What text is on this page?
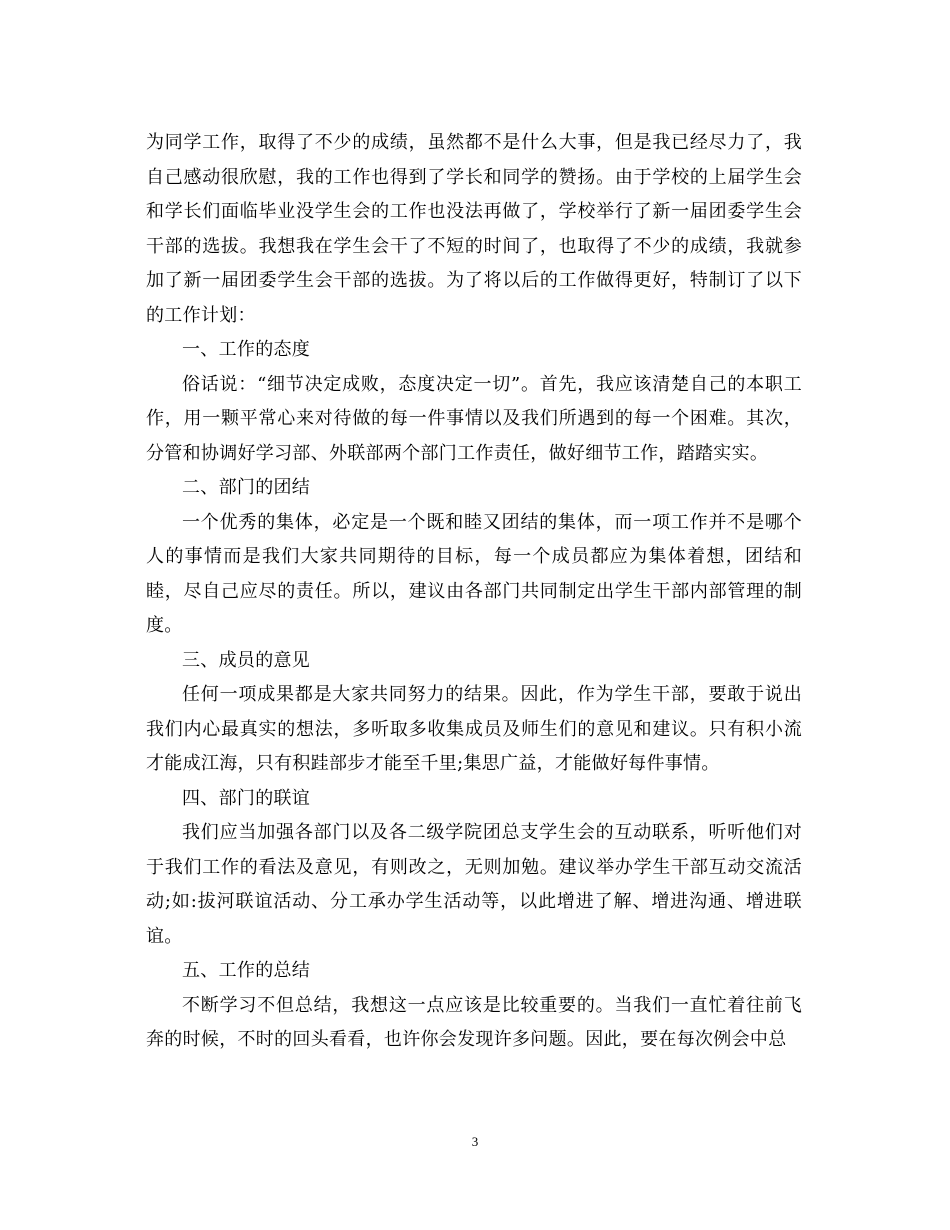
为同学工作，取得了不少的成绩，虽然都不是什么大事，但是我已经尽力了，我自己感动很欣慰，我的工作也得到了学长和同学的赞扬。由于学校的上届学生会和学长们面临毕业没学生会的工作也没法再做了，学校举行了新一届团委学生会干部的选拔。我想我在学生会干了不短的时间了，也取得了不少的成绩，我就参加了新一届团委学生会干部的选拔。为了将以后的工作做得更好，特制订了以下的工作计划：

一、工作的态度

俗话说：“细节决定成败，态度决定一切”。首先，我应该清楚自己的本职工作，用一颗平常心来对待做的每一件事情以及我们所遇到的每一个困难。其次，分管和协调好学习部、外联部两个部门工作责任，做好细节工作，踏踏实实。

二、部门的团结

一个优秀的集体，必定是一个既和睦又团结的集体，而一项工作并不是哪个人的事情而是我们大家共同期待的目标，每一个成员都应为集体着想，团结和睦，尽自己应尽的责任。所以，建议由各部门共同制定出学生干部内部管理的制度。

三、成员的意见

任何一项成果都是大家共同努力的结果。因此，作为学生干部，要敢于说出我们内心最真实的想法，多听取多收集成员及师生们的意见和建议。只有积小流才能成江海，只有积跬部步才能至千里;集思广益，才能做好每件事情。

四、部门的联谊

我们应当加强各部门以及各二级学院团总支学生会的互动联系，听听他们对于我们工作的看法及意见，有则改之，无则加勉。建议举办学生干部互动交流活动;如:拔河联谊活动、分工承办学生活动等，以此增进了解、增进沟通、增进联谊。

五、工作的总结

不断学习不但总结，我想这一点应该是比较重要的。当我们一直忙着往前飞奔的时候，不时的回头看看，也许你会发现许多问题。因此，要在每次例会中总

3
